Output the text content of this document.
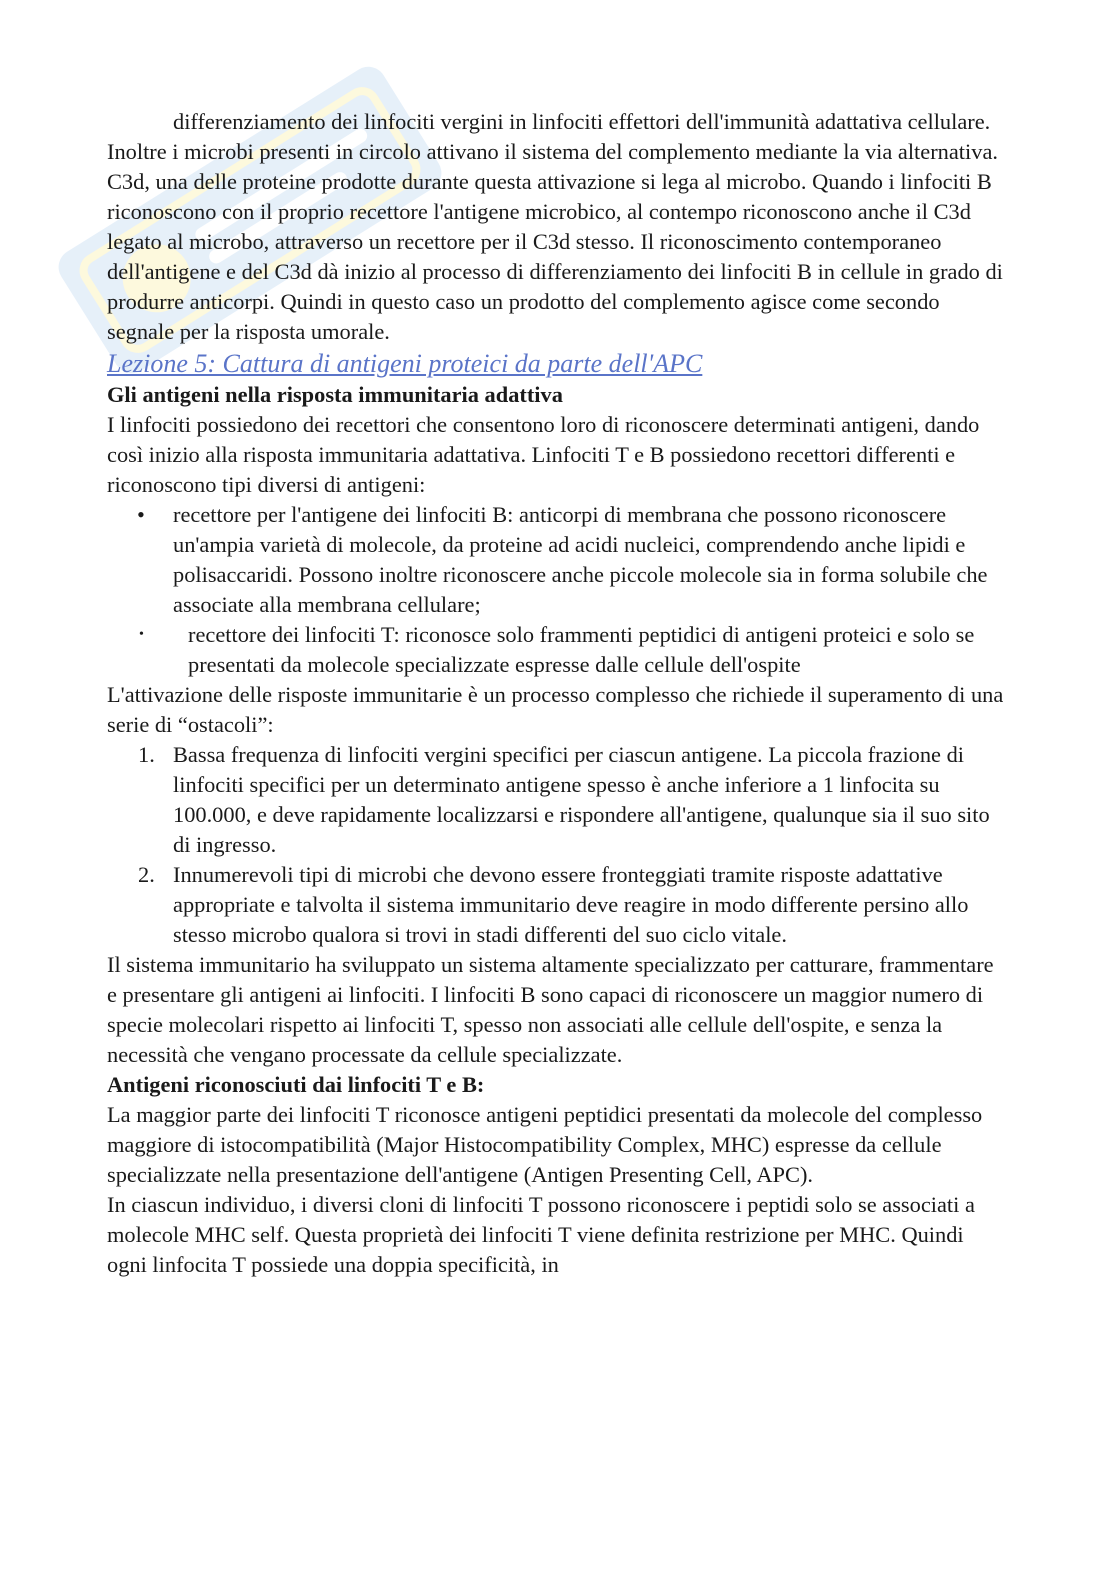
differenziamento dei linfociti vergini in linfociti effettori dell'immunità adattativa cellulare.

Inoltre i microbi presenti in circolo attivano il sistema del complemento mediante la via alternativa. C3d, una delle proteine prodotte durante questa attivazione si lega al microbo. Quando i linfociti B riconoscono con il proprio recettore l'antigene microbico, al contempo riconoscono anche il C3d legato al microbo, attraverso un recettore per il C3d stesso. Il riconoscimento contemporaneo dell'antigene e del C3d dà inizio al processo di differenziamento dei linfociti B in cellule in grado di produrre anticorpi. Quindi in questo caso un prodotto del complemento agisce come secondo segnale per la risposta umorale.

Lezione 5: Cattura di antigeni proteici da parte dell'APC
Gli antigeni nella risposta immunitaria adattiva

I linfociti possiedono dei recettori che consentono loro di riconoscere determinati antigeni, dando così inizio alla risposta immunitaria adattativa. Linfociti T e B possiedono recettori differenti e riconoscono tipi diversi di antigeni:

• recettore per l'antigene dei linfociti B: anticorpi di membrana che possono riconoscere un'ampia varietà di molecole, da proteine ad acidi nucleici, comprendendo anche lipidi e polisaccaridi. Possono inoltre riconoscere anche piccole molecole sia in forma solubile che associate alla membrana cellulare;
• recettore dei linfociti T: riconosce solo frammenti peptidici di antigeni proteici e solo se presentati da molecole specializzate espresse dalle cellule dell'ospite

L'attivazione delle risposte immunitarie è un processo complesso che richiede il superamento di una serie di “ostacoli”:

1. Bassa frequenza di linfociti vergini specifici per ciascun antigene. La piccola frazione di linfociti specifici per un determinato antigene spesso è anche inferiore a 1 linfocita su 100.000, e deve rapidamente localizzarsi e rispondere all'antigene, qualunque sia il suo sito di ingresso.
2. Innumerevoli tipi di microbi che devono essere fronteggiati tramite risposte adattative appropriate e talvolta il sistema immunitario deve reagire in modo differente persino allo stesso microbo qualora si trovi in stadi differenti del suo ciclo vitale.

Il sistema immunitario ha sviluppato un sistema altamente specializzato per catturare, frammentare e presentare gli antigeni ai linfociti. I linfociti B sono capaci di riconoscere un maggior numero di specie molecolari rispetto ai linfociti T, spesso non associati alle cellule dell'ospite, e senza la necessità che vengano processate da cellule specializzate.

Antigeni riconosciuti dai linfociti T e B:

La maggior parte dei linfociti T riconosce antigeni peptidici presentati da molecole del complesso maggiore di istocompatibilità (Major Histocompatibility Complex, MHC) espresse da cellule specializzate nella presentazione dell'antigene (Antigen Presenting Cell, APC).

In ciascun individuo, i diversi cloni di linfociti T possono riconoscere i peptidi solo se associati a molecole MHC self. Questa proprietà dei linfociti T viene definita restrizione per MHC. Quindi ogni linfocita T possiede una doppia specificità, in
